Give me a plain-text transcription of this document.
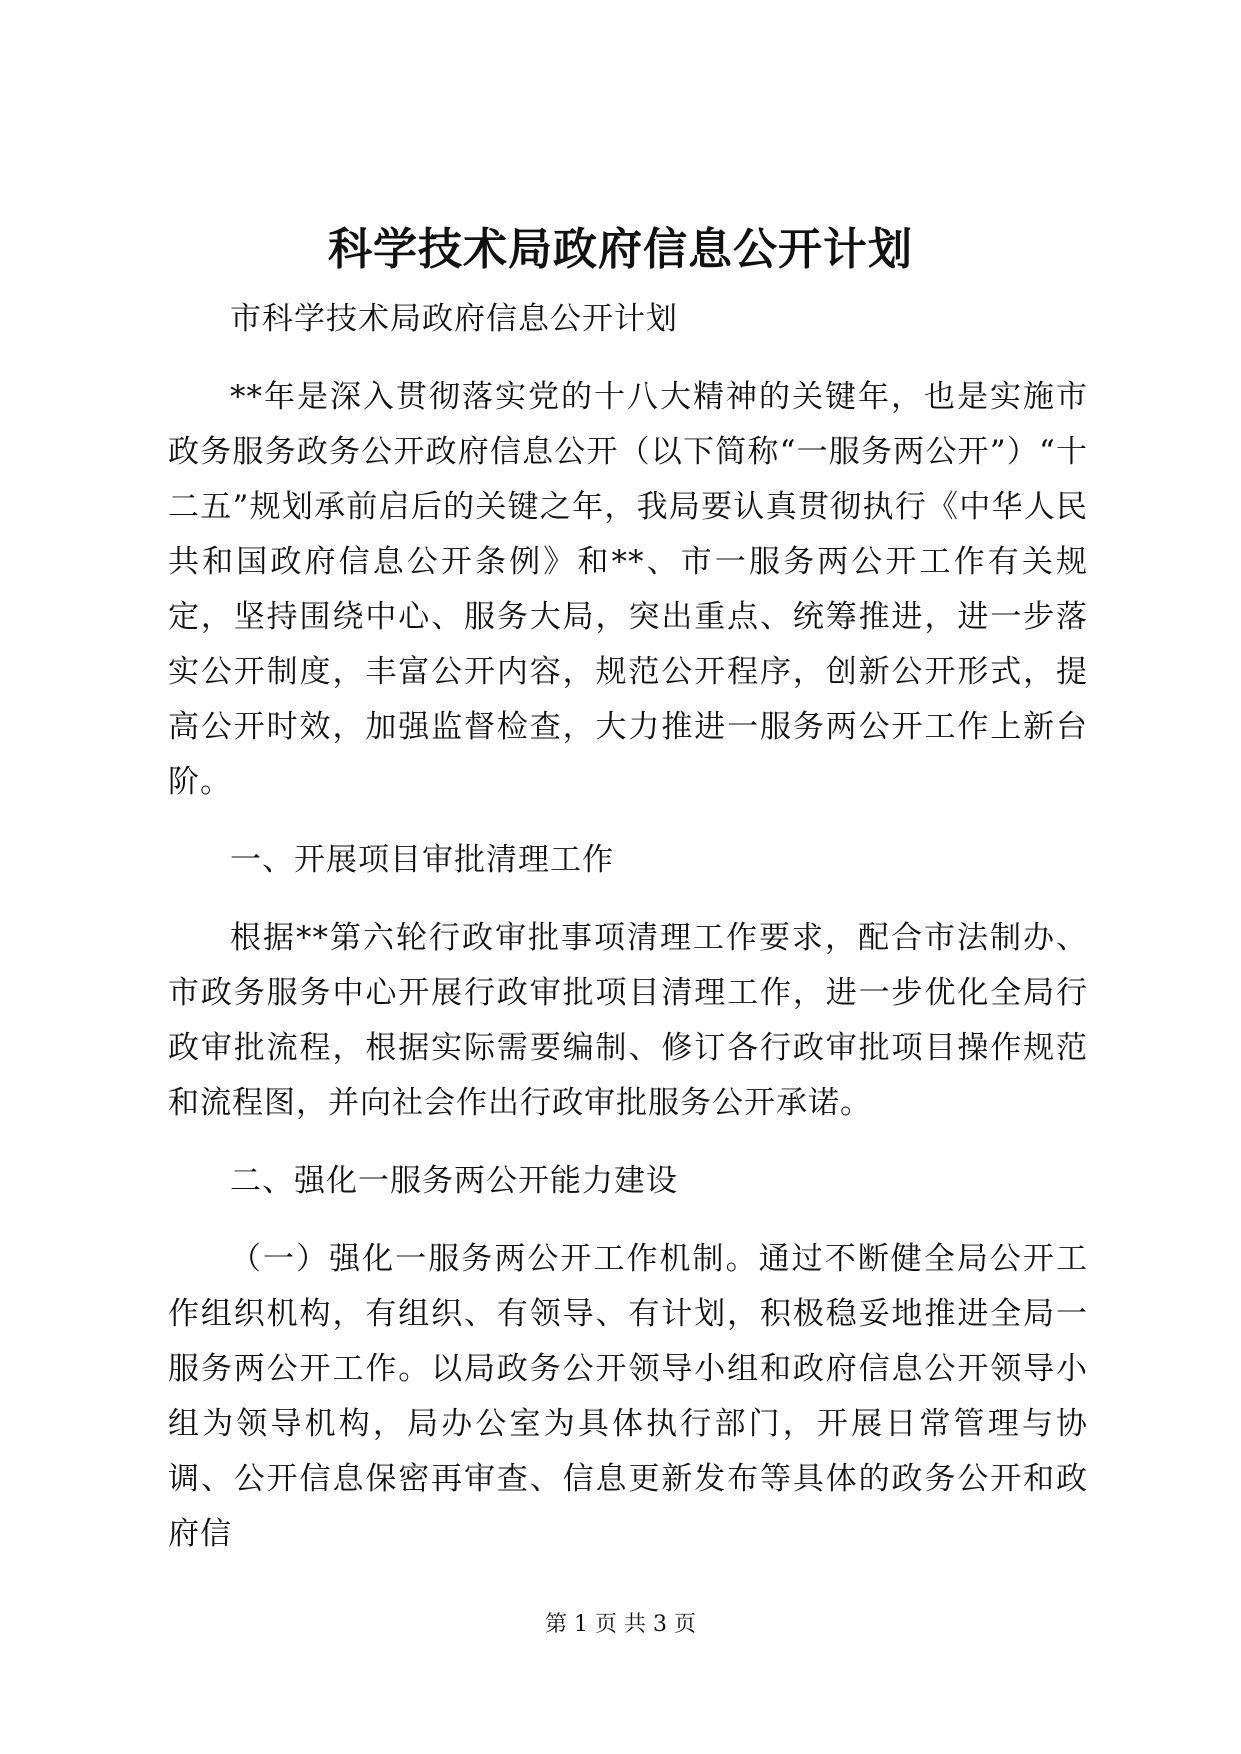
科学技术局政府信息公开计划

市科学技术局政府信息公开计划

**年是深入贯彻落实党的十八大精神的关键年，也是实施市政务服务政务公开政府信息公开（以下简称“一服务两公开”）“十二五”规划承前启后的关键之年，我局要认真贯彻执行《中华人民共和国政府信息公开条例》和**、市一服务两公开工作有关规定，坚持围绕中心、服务大局，突出重点、统筹推进，进一步落实公开制度，丰富公开内容，规范公开程序，创新公开形式，提高公开时效，加强监督检查，大力推进一服务两公开工作上新台阶。

一、开展项目审批清理工作

根据**第六轮行政审批事项清理工作要求，配合市法制办、市政务服务中心开展行政审批项目清理工作，进一步优化全局行政审批流程，根据实际需要编制、修订各行政审批项目操作规范和流程图，并向社会作出行政审批服务公开承诺。

二、强化一服务两公开能力建设

（一）强化一服务两公开工作机制。通过不断健全局公开工作组织机构，有组织、有领导、有计划，积极稳妥地推进全局一服务两公开工作。以局政务公开领导小组和政府信息公开领导小组为领导机构，局办公室为具体执行部门，开展日常管理与协调、公开信息保密再审查、信息更新发布等具体的政务公开和政府信

第 1 页 共 3 页
